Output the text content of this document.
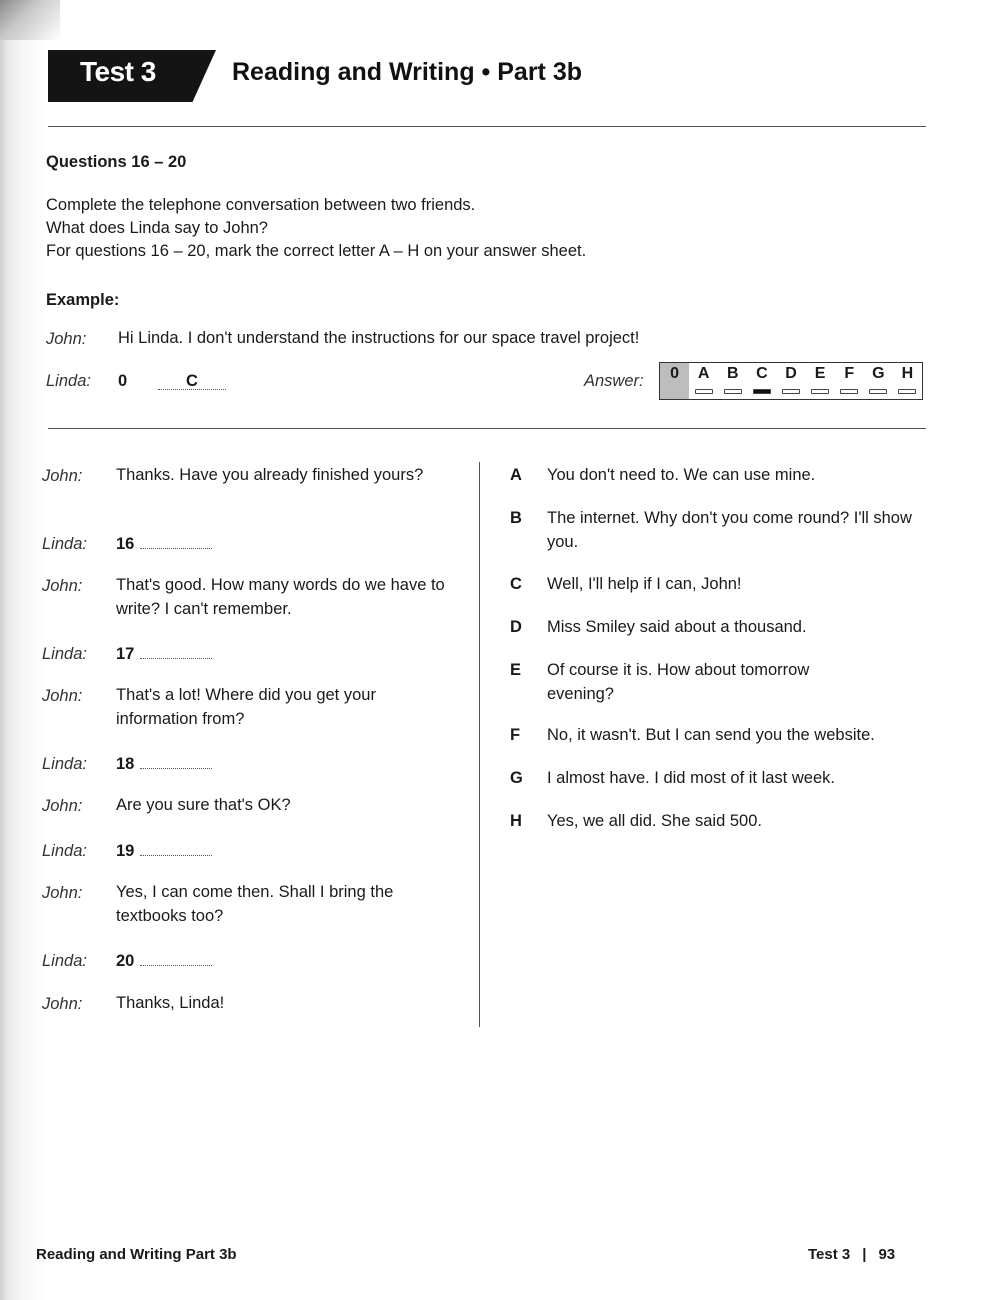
Test 3	Reading and Writing • Part 3b
Questions 16 – 20
Complete the telephone conversation between two friends.
What does Linda say to John?
For questions 16 – 20, mark the correct letter A – H on your answer sheet.
Example:
John: Hi Linda. I don't understand the instructions for our space travel project!
Linda: 0	C	Answer:	0	A	B	C	D	E	F	G	H
John: Thanks. Have you already finished yours?
Linda: 16
John: That's good. How many words do we have to write? I can't remember.
Linda: 17
John: That's a lot! Where did you get your information from?
Linda: 18
John: Are you sure that's OK?
Linda: 19
John: Yes, I can come then. Shall I bring the textbooks too?
Linda: 20
John: Thanks, Linda!
A You don't need to. We can use mine.
B The internet. Why don't you come round? I'll show you.
C Well, I'll help if I can, John!
D Miss Smiley said about a thousand.
E Of course it is. How about tomorrow evening?
F No, it wasn't. But I can send you the website.
G I almost have. I did most of it last week.
H Yes, we all did. She said 500.
Reading and Writing Part 3b	Test 3 | 93
